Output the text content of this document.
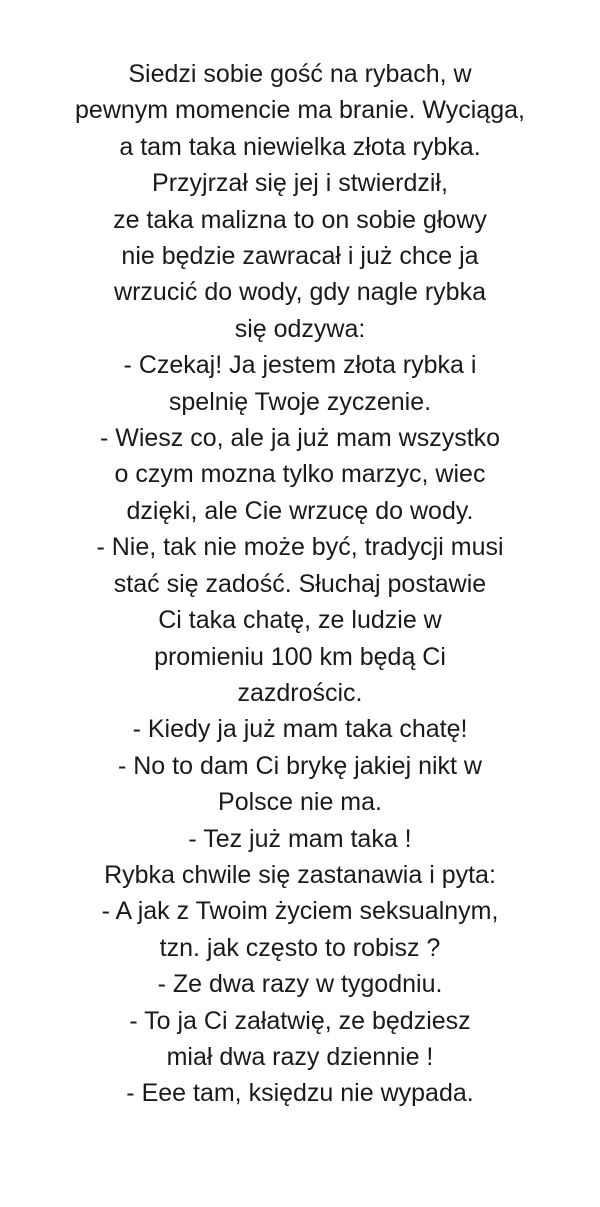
Siedzi sobie gość na rybach, w
pewnym momencie ma branie. Wyciąga,
a tam taka niewielka złota rybka.
Przyjrzał się jej i stwierdził,
ze taka malizna to on sobie głowy
nie będzie zawracał i już chce ja
wrzucić do wody, gdy nagle rybka
się odzywa:
- Czekaj! Ja jestem złota rybka i
spelnię Twoje zyczenie.
- Wiesz co, ale ja już mam wszystko
o czym mozna tylko marzyc, wiec
dzięki, ale Cie wrzucę do wody.
- Nie, tak nie może być, tradycji musi
stać się zadość. Słuchaj postawie
Ci taka chatę, ze ludzie w
promieniu 100 km będą Ci
zazdrościc.
- Kiedy ja już mam taka chatę!
- No to dam Ci brykę jakiej nikt w
Polsce nie ma.
- Tez już mam taka !
Rybka chwile się zastanawia i pyta:
- A jak z Twoim życiem seksualnym,
tzn. jak często to robisz ?
- Ze dwa razy w tygodniu.
- To ja Ci załatwię, ze będziesz
miał dwa razy dziennie !
- Eee tam, księdzu nie wypada.
